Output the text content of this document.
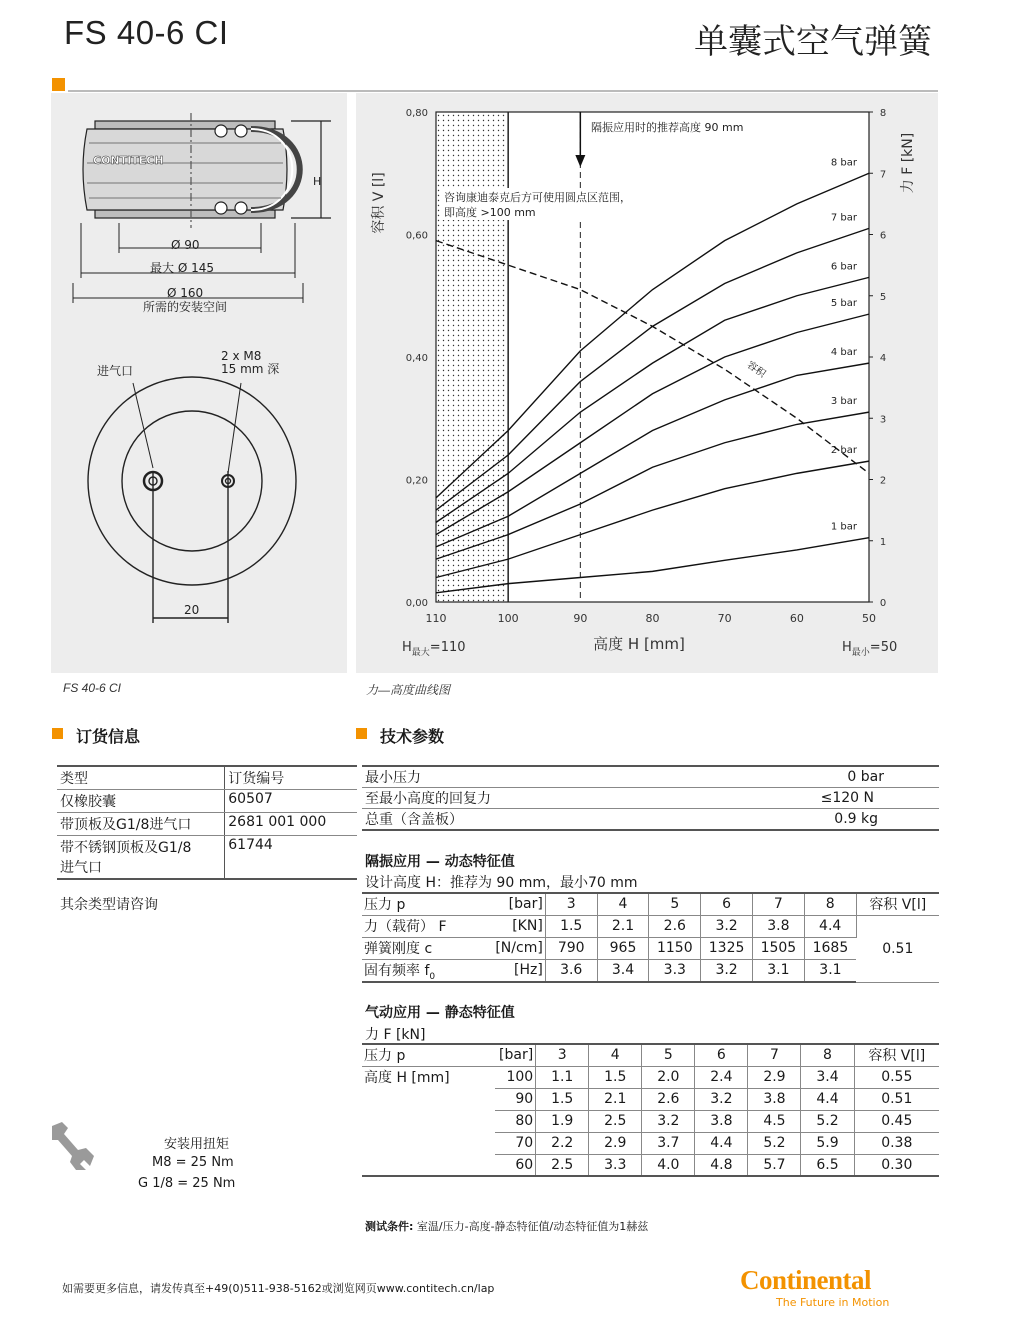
FS 40-6 CI	单囊式空气弹簧
CONTITECH
H
Ø 90
最大 Ø 145
Ø 160
所需的安装空间
进气口
2 x M8
15 mm 深
20
FS 40-6 CI
1 bar
2 bar
3 bar
4 bar
5 bar
6 bar
7 bar
8 bar
容积
110	100	90	80	70	60	50
0,00
0,20
0,40
0,60
0,80
0
1
2
3
4
5
6
7
8
容积 V [l]
力 F [kN]
高度 H [mm]
$H_{最大}=110$	$H_{最小}=50$
隔振应用时的推荐高度 90 mm
咨询康迪泰克后方可使用圆点区范围，
即高度 >100 mm
力—高度曲线图
订货信息
类型	订货编号
仅橡胶囊	60507
带顶板及G1/8进气口	2681 001 000
带不锈钢顶板及G1/8
进气口	61744
其余类型请咨询
技术参数
最小压力	0 bar
至最小高度的回复力	≤120 N
总重（含盖板）	0.9 kg
隔振应用 — 动态特征值
设计高度 H：推荐为 90 mm，最小70 mm
压力 p	[bar]	3	4	5	6	7	8	容积 V[l]
力（载荷） F	[KN]	1.5	2.1	2.6	3.2	3.8	4.4	0.51
弹簧刚度 c	[N/cm]	790	965	1150	1325	1505	1685	
固有频率 $f_0$	[Hz]	3.6	3.4	3.3	3.2	3.1	3.1	
气动应用 — 静态特征值
力 F [kN]
压力 p	[bar]	3	4	5	6	7	8	容积 V[l]
高度 H [mm]	100	1.1	1.5	2.0	2.4	2.9	3.4	0.55
	90	1.5	2.1	2.6	3.2	3.8	4.4	0.51
	80	1.9	2.5	3.2	3.8	4.5	5.2	0.45
	70	2.2	2.9	3.7	4.4	5.2	5.9	0.38
	60	2.5	3.3	4.0	4.8	5.7	6.5	0.30
安装用扭矩
M8 = 25 Nm
G 1/8 = 25 Nm
测试条件: 室温/压力-高度-静态特征值/动态特征值为1赫兹
如需要更多信息，请发传真至+49(0)511-938-5162或浏览网页www.contitech.cn/lap	Continental
The Future in Motion
